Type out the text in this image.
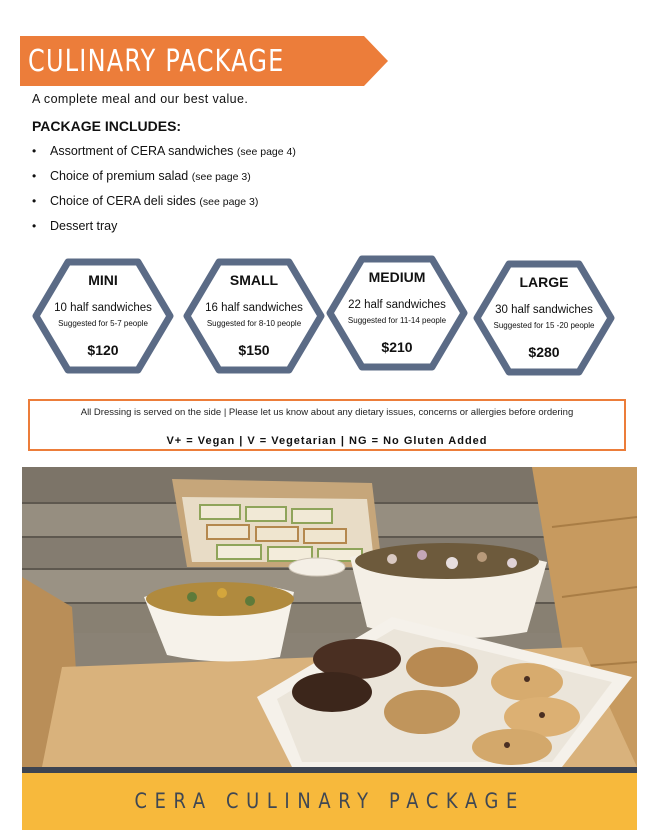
CULINARY PACKAGE
A complete meal and our best value.
PACKAGE INCLUDES:
• Assortment of CERA sandwiches (see page 4)
• Choice of premium salad (see page 3)
• Choice of CERA deli sides (see page 3)
• Dessert tray
MINI
10 half sandwiches
Suggested for 5-7 people
$120
SMALL
16 half sandwiches
Suggested for 8-10 people
$150
MEDIUM
22 half sandwiches
Suggested for 11-14 people
$210
LARGE
30 half sandwiches
Suggested for 15 -20 people
$280
All Dressing is served on the side | Please let us know about any dietary issues, concerns or allergies before ordering
V+ = Vegan | V = Vegetarian | NG = No Gluten Added
CERA CULINARY PACKAGE
